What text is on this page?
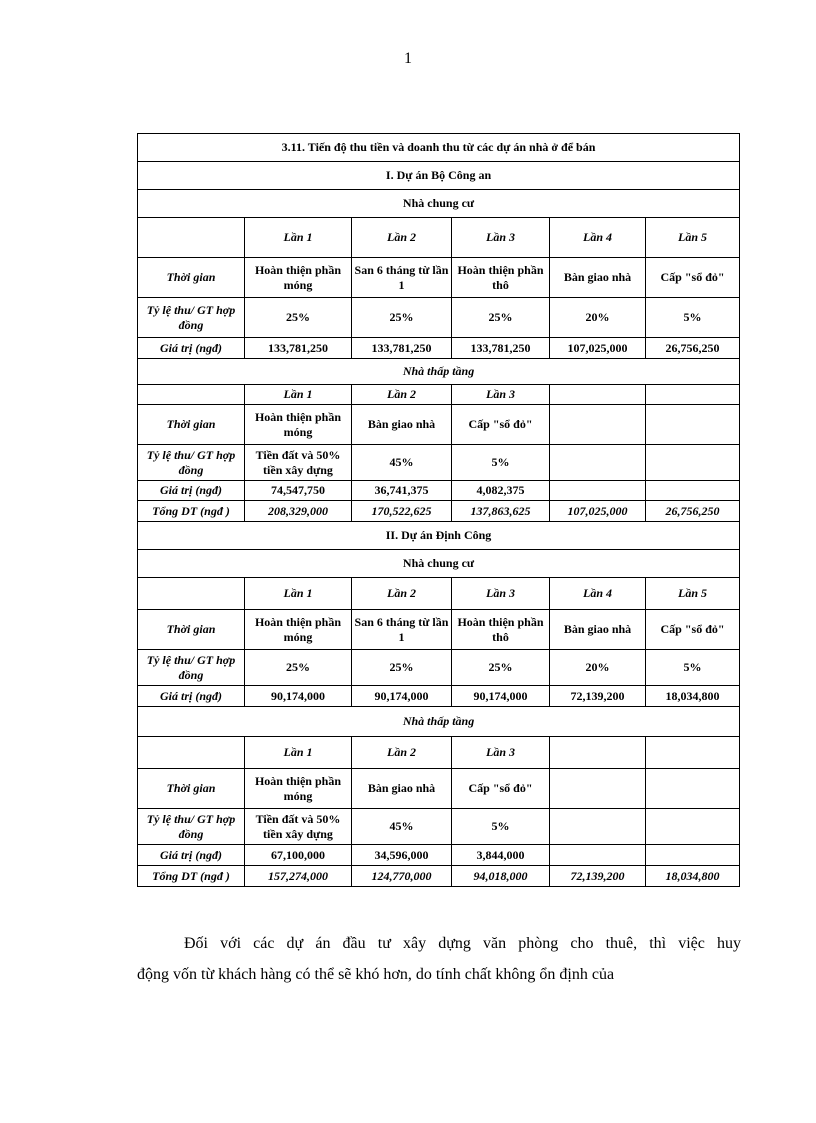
1
3.11. Tiến độ thu tiền và doanh thu từ các dự án nhà ở để bán					
I. Dự án Bộ Công an					
Nhà chung cư					
	Lần 1	Lần 2	Lần 3	Lần 4	Lần 5
Thời gian	Hoàn thiện phần móng	San 6 tháng từ lần 1	Hoàn thiện phần thô	Bàn giao nhà	Cấp "sổ đỏ"
Tỷ lệ thu/ GT hợp đồng	25%	25%	25%	20%	5%
Giá trị (ngđ)	133,781,250	133,781,250	133,781,250	107,025,000	26,756,250
Nhà thấp tầng					
	Lần 1	Lần 2	Lần 3		
Thời gian	Hoàn thiện phần móng	Bàn giao nhà	Cấp "sổ đỏ"		
Tỷ lệ thu/ GT hợp đồng	Tiền đất và 50% tiền xây dựng	45%	5%		
Giá trị (ngđ)	74,547,750	36,741,375	4,082,375		
Tổng DT (ngđ )	208,329,000	170,522,625	137,863,625	107,025,000	26,756,250
II. Dự án Định Công					
Nhà chung cư					
	Lần 1	Lần 2	Lần 3	Lần 4	Lần 5
Thời gian	Hoàn thiện phần móng	San 6 tháng từ lần 1	Hoàn thiện phần thô	Bàn giao nhà	Cấp "sổ đỏ"
Tỷ lệ thu/ GT hợp đồng	25%	25%	25%	20%	5%
Giá trị (ngđ)	90,174,000	90,174,000	90,174,000	72,139,200	18,034,800
Nhà thấp tầng					
	Lần 1	Lần 2	Lần 3		
Thời gian	Hoàn thiện phần móng	Bàn giao nhà	Cấp "sổ đỏ"		
Tỷ lệ thu/ GT hợp đồng	Tiền đất và 50% tiền xây dựng	45%	5%		
Giá trị (ngđ)	67,100,000	34,596,000	3,844,000		
Tổng DT (ngđ )	157,274,000	124,770,000	94,018,000	72,139,200	18,034,800
Đối với các dự án đầu tư xây dựng văn phòng cho thuê, thì việc huy
động vốn từ khách hàng có thể sẽ khó hơn, do tính chất không ổn định của
